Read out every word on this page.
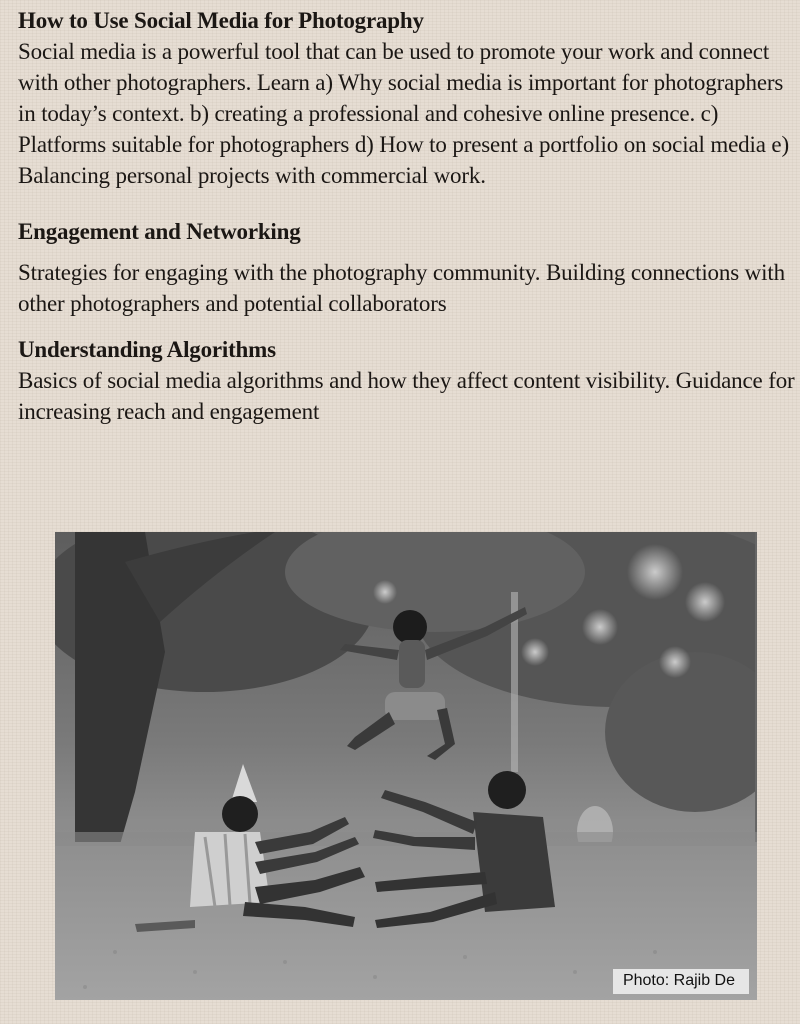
How to Use Social Media for Photography

Social media is a powerful tool that can be used to promote your work and connect with other photographers. Learn a) Why social media is important for photographers in today’s context. b) creating a professional and cohesive online presence. c) Platforms suitable for photographers d) How to present a portfolio on social media e) Balancing personal projects with commercial work.

Engagement and Networking

Strategies for engaging with the photography community. Building connections with other photographers and potential collaborators

Understanding Algorithms

Basics of social media algorithms and how they affect content visibility. Guidance for increasing reach and engagement

Photo: Rajib De
